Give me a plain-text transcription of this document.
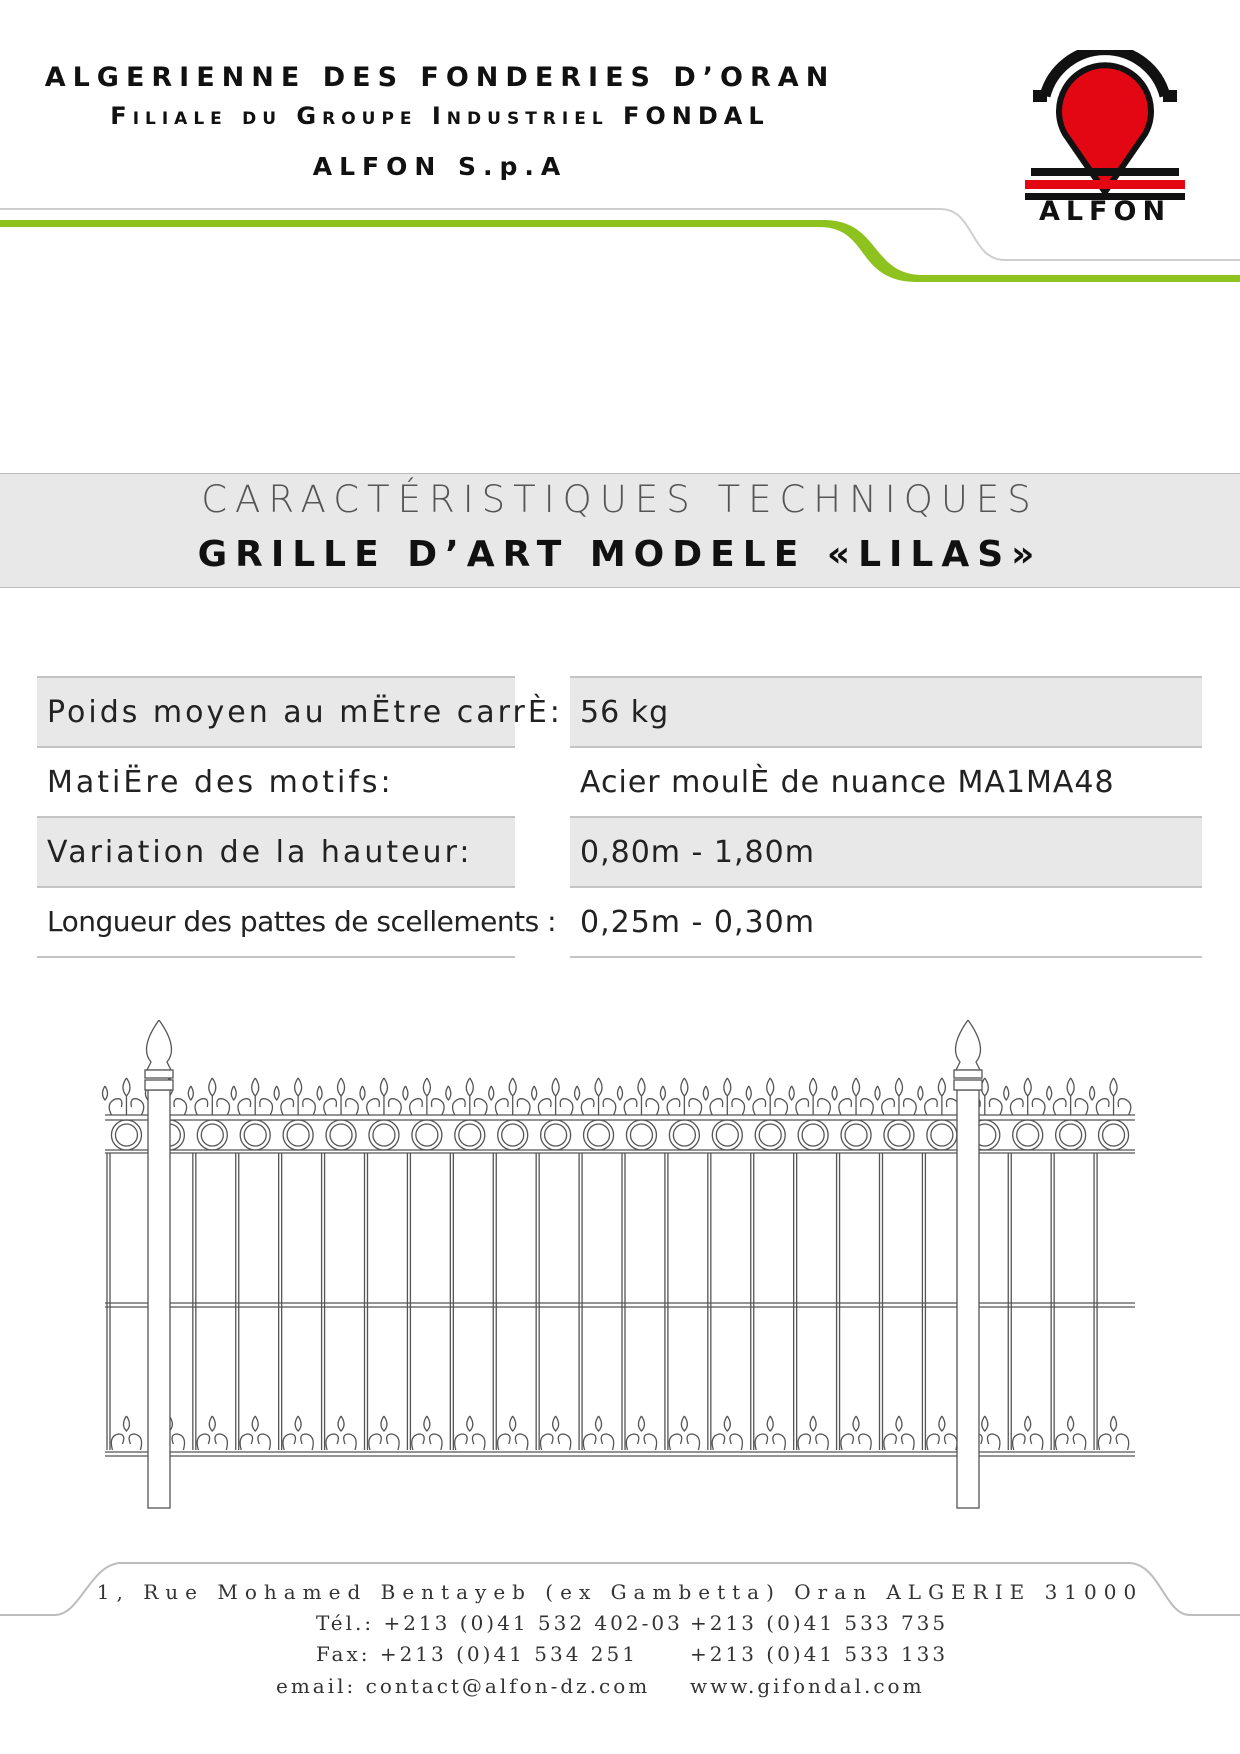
ALGERIENNE DES FONDERIES D’ORAN
Filiale du Groupe Industriel FONDAL
ALFON S.p.A
ALFON
CARACTÉRISTIQUES TECHNIQUES
GRILLE D’ART MODELE «LILAS»
Poids moyen au mËtre carrÈ: 56 kg
MatiËre des motifs:	Acier moulÈ de nuance MA1MA48
Variation de la hauteur:	0,80m - 1,80m
Longueur des pattes de scellements : 0,25m - 0,30m
1, Rue Mohamed Bentayeb (ex Gambetta) Oran ALGERIE 31000
Tél.: +213 (0)41 532 402-03 +213 (0)41 533 735
Fax: +213 (0)41 534 251	+213 (0)41 533 133
email: contact@alfon-dz.com www.gifondal.com
